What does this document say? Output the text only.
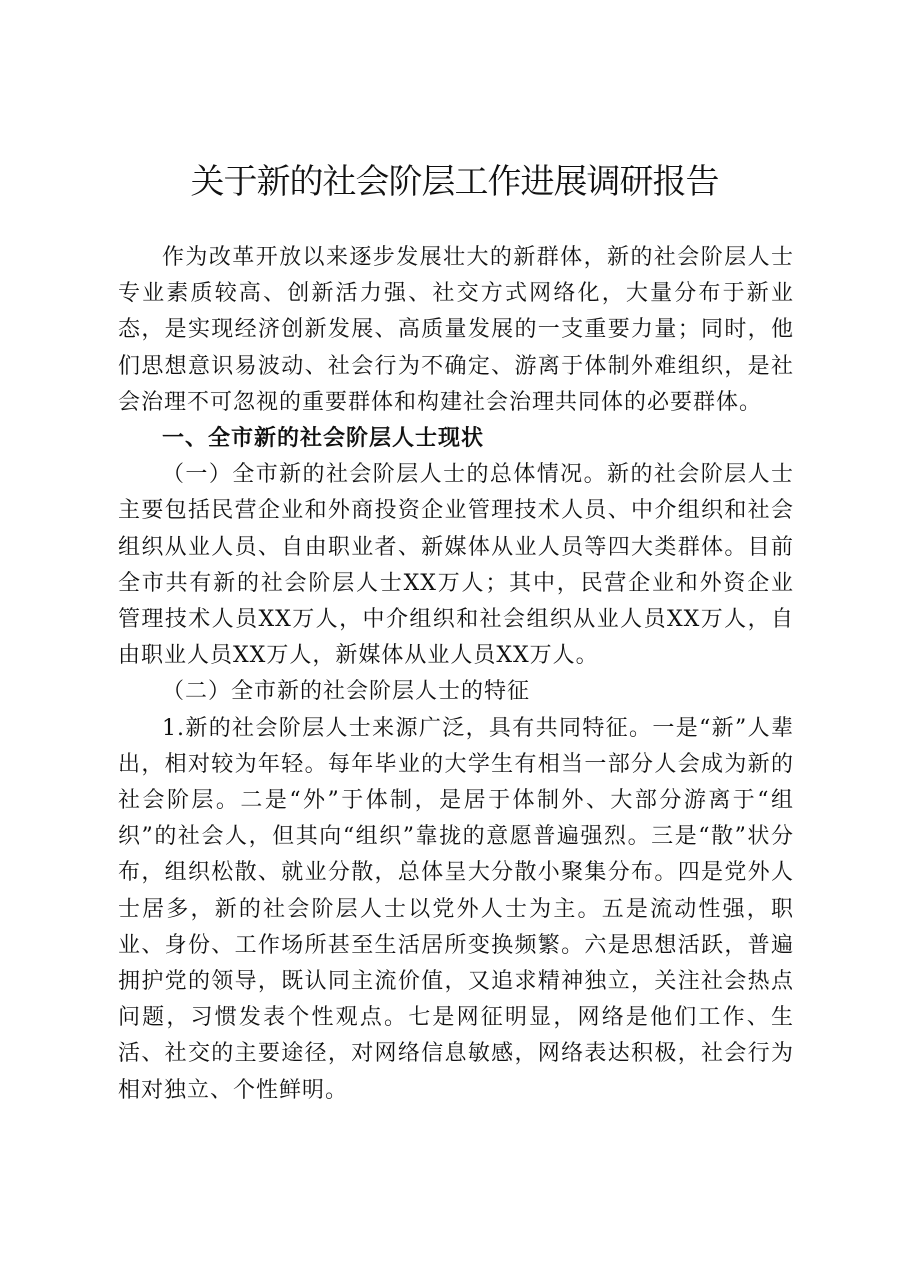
关于新的社会阶层工作进展调研报告

作为改革开放以来逐步发展壮大的新群体，新的社会阶层人士专业素质较高、创新活力强、社交方式网络化，大量分布于新业态，是实现经济创新发展、高质量发展的一支重要力量；同时，他们思想意识易波动、社会行为不确定、游离于体制外难组织，是社会治理不可忽视的重要群体和构建社会治理共同体的必要群体。

一、全市新的社会阶层人士现状

（一）全市新的社会阶层人士的总体情况。新的社会阶层人士主要包括民营企业和外商投资企业管理技术人员、中介组织和社会组织从业人员、自由职业者、新媒体从业人员等四大类群体。目前全市共有新的社会阶层人士XX万人；其中，民营企业和外资企业管理技术人员XX万人，中介组织和社会组织从业人员XX万人，自由职业人员XX万人，新媒体从业人员XX万人。

（二）全市新的社会阶层人士的特征

1.新的社会阶层人士来源广泛，具有共同特征。一是“新”人辈出，相对较为年轻。每年毕业的大学生有相当一部分人会成为新的社会阶层。二是“外”于体制，是居于体制外、大部分游离于“组织”的社会人，但其向“组织”靠拢的意愿普遍强烈。三是“散”状分布，组织松散、就业分散，总体呈大分散小聚集分布。四是党外人士居多，新的社会阶层人士以党外人士为主。五是流动性强，职业、身份、工作场所甚至生活居所变换频繁。六是思想活跃，普遍拥护党的领导，既认同主流价值，又追求精神独立，关注社会热点问题，习惯发表个性观点。七是网征明显，网络是他们工作、生活、社交的主要途径，对网络信息敏感，网络表达积极，社会行为相对独立、个性鲜明。
